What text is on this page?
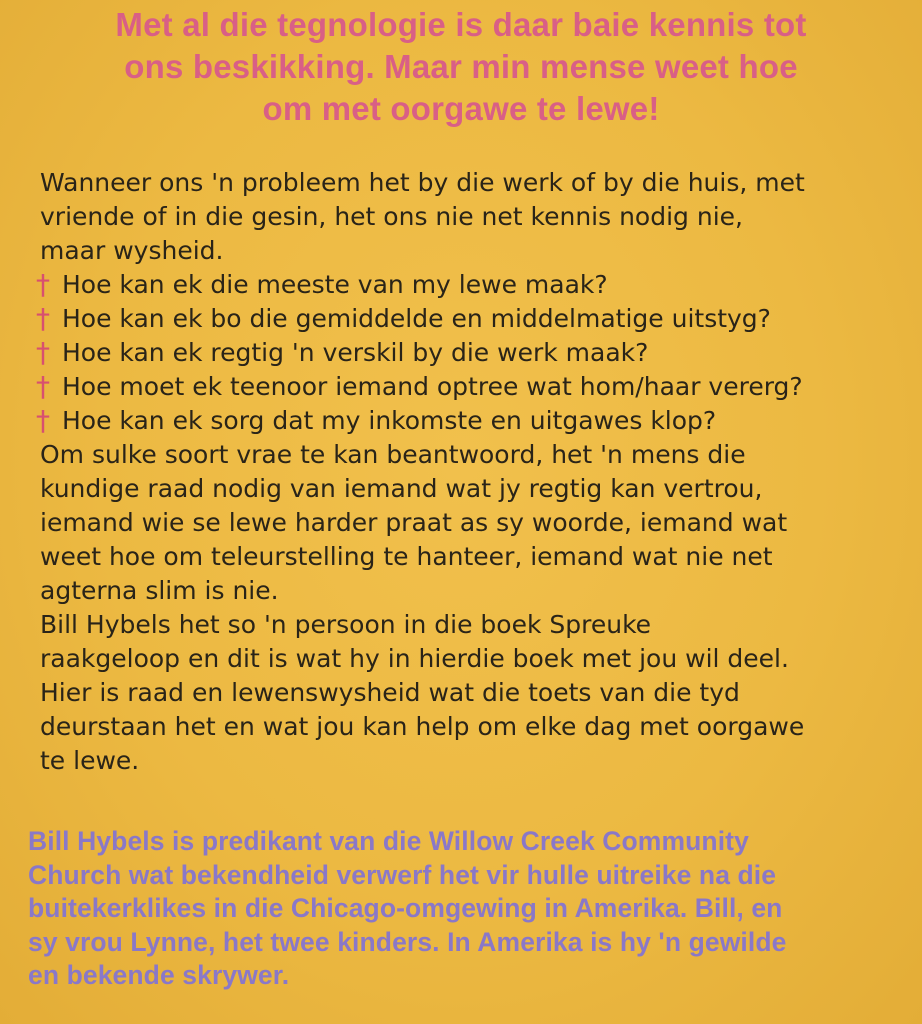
Met al die tegnologie is daar baie kennis tot
ons beskikking. Maar min mense weet hoe
om met oorgawe te lewe!
Wanneer ons 'n probleem het by die werk of by die huis, met
vriende of in die gesin, het ons nie net kennis nodig nie,
maar wysheid.
† Hoe kan ek die meeste van my lewe maak?
† Hoe kan ek bo die gemiddelde en middelmatige uitstyg?
† Hoe kan ek regtig 'n verskil by die werk maak?
† Hoe moet ek teenoor iemand optree wat hom/haar vererg?
† Hoe kan ek sorg dat my inkomste en uitgawes klop?
Om sulke soort vrae te kan beantwoord, het 'n mens die
kundige raad nodig van iemand wat jy regtig kan vertrou,
iemand wie se lewe harder praat as sy woorde, iemand wat
weet hoe om teleurstelling te hanteer, iemand wat nie net
agterna slim is nie.
Bill Hybels het so 'n persoon in die boek Spreuke
raakgeloop en dit is wat hy in hierdie boek met jou wil deel.
Hier is raad en lewenswysheid wat die toets van die tyd
deurstaan het en wat jou kan help om elke dag met oorgawe
te lewe.
Bill Hybels is predikant van die Willow Creek Community
Church wat bekendheid verwerf het vir hulle uitreike na die
buitekerklikes in die Chicago-omgewing in Amerika. Bill, en
sy vrou Lynne, het twee kinders. In Amerika is hy 'n gewilde
en bekende skrywer.
